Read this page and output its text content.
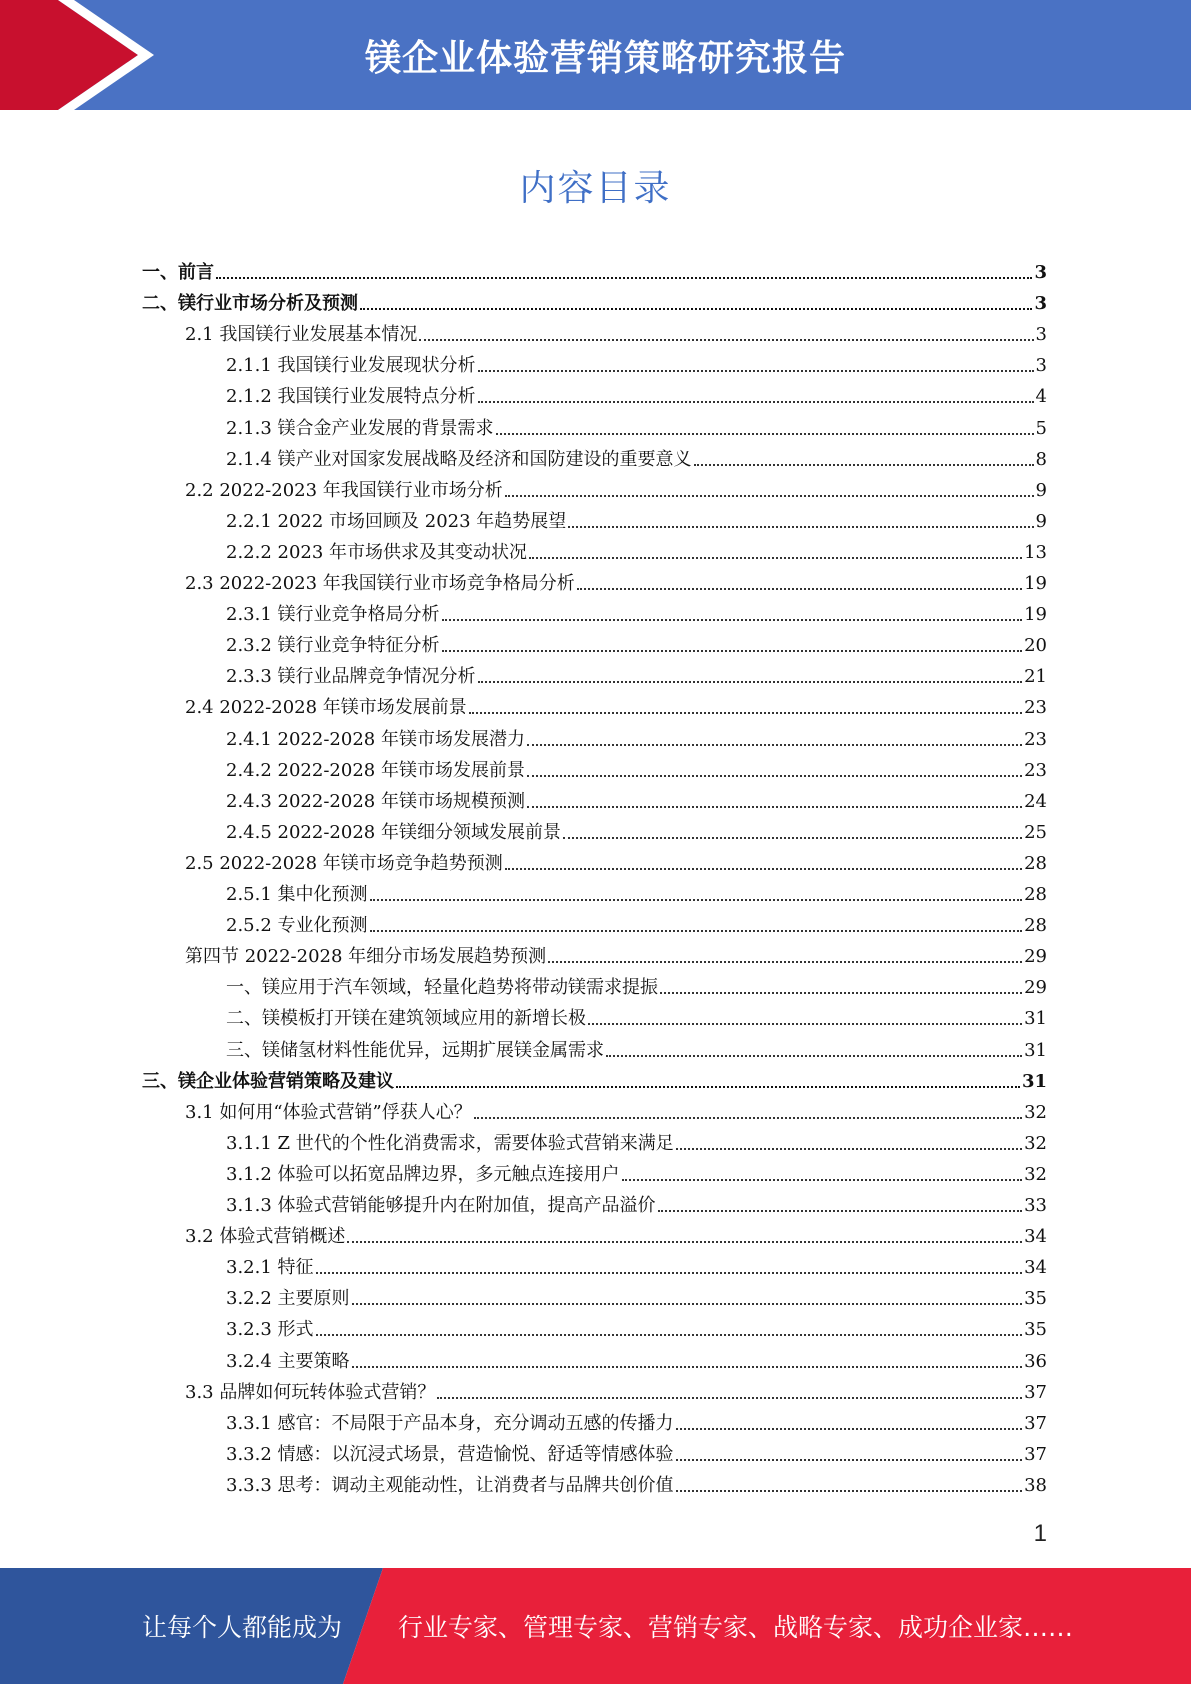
镁企业体验营销策略研究报告
内容目录
一、前言	3
二、镁行业市场分析及预测	3
2.1 我国镁行业发展基本情况	3
2.1.1 我国镁行业发展现状分析	3
2.1.2 我国镁行业发展特点分析	4
2.1.3 镁合金产业发展的背景需求	5
2.1.4 镁产业对国家发展战略及经济和国防建设的重要意义	8
2.2 2022-2023 年我国镁行业市场分析	9
2.2.1 2022 市场回顾及 2023 年趋势展望	9
2.2.2 2023 年市场供求及其变动状况	13
2.3 2022-2023 年我国镁行业市场竞争格局分析	19
2.3.1 镁行业竞争格局分析	19
2.3.2 镁行业竞争特征分析	20
2.3.3 镁行业品牌竞争情况分析	21
2.4 2022-2028 年镁市场发展前景	23
2.4.1 2022-2028 年镁市场发展潜力	23
2.4.2 2022-2028 年镁市场发展前景	23
2.4.3 2022-2028 年镁市场规模预测	24
2.4.5 2022-2028 年镁细分领域发展前景	25
2.5 2022-2028 年镁市场竞争趋势预测	28
2.5.1 集中化预测	28
2.5.2 专业化预测	28
第四节 2022-2028 年细分市场发展趋势预测	29
一、镁应用于汽车领域，轻量化趋势将带动镁需求提振	29
二、镁模板打开镁在建筑领域应用的新增长极	31
三、镁储氢材料性能优异，远期扩展镁金属需求	31
三、镁企业体验营销策略及建议	31
3.1 如何用“体验式营销”俘获人心？	32
3.1.1 Z 世代的个性化消费需求，需要体验式营销来满足	32
3.1.2 体验可以拓宽品牌边界，多元触点连接用户	32
3.1.3 体验式营销能够提升内在附加值，提高产品溢价	33
3.2 体验式营销概述	34
3.2.1 特征	34
3.2.2 主要原则	35
3.2.3 形式	35
3.2.4 主要策略	36
3.3 品牌如何玩转体验式营销？	37
3.3.1 感官：不局限于产品本身，充分调动五感的传播力	37
3.3.2 情感：以沉浸式场景，营造愉悦、舒适等情感体验	37
3.3.3 思考：调动主观能动性，让消费者与品牌共创价值	38
1
让每个人都能成为 行业专家、管理专家、营销专家、战略专家、成功企业家……
